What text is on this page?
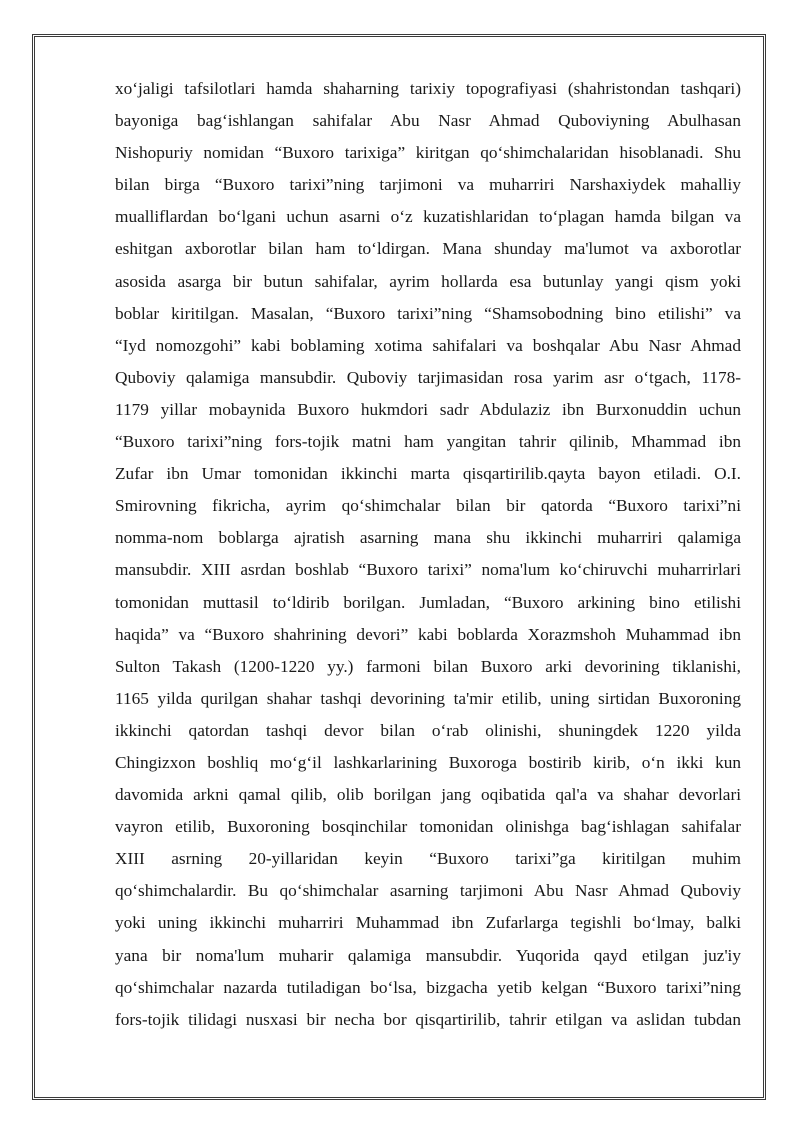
xo‘jaligi tafsilotlari hamda shaharning tarixiy topografiyasi (shahristondan tashqari)
bayoniga bag‘ishlangan sahifalar Abu Nasr Ahmad Quboviyning Abulhasan
Nishopuriy nomidan “Buxoro tarixiga” kiritgan qo‘shimchalaridan hisoblanadi. Shu
bilan birga “Buxoro tarixi”ning tarjimoni va muharriri Narshaxiydek mahalliy
mualliflardan bo‘lgani uchun asarni o‘z kuzatishlaridan to‘plagan hamda bilgan va
eshitgan axborotlar bilan ham to‘ldirgan. Mana shunday ma'lumot va axborotlar
asosida asarga bir butun sahifalar, ayrim hollarda esa butunlay yangi qism yoki
boblar kiritilgan. Masalan, “Buxoro tarixi”ning “Shamsobodning bino etilishi” va
“Iyd nomozgohi” kabi boblaming xotima sahifalari va boshqalar Abu Nasr Ahmad
Quboviy qalamiga mansubdir. Quboviy tarjimasidan rosa yarim asr o‘tgach, 1178-
1179 yillar mobaynida Buxoro hukmdori sadr Abdulaziz ibn Burxonuddin uchun
“Buxoro tarixi”ning fors-tojik matni ham yangitan tahrir qilinib, Mhammad ibn
Zufar ibn Umar tomonidan ikkinchi marta qisqartirilib.qayta bayon etiladi. O.I.
Smirovning fikricha, ayrim qo‘shimchalar bilan bir qatorda “Buxoro tarixi”ni
nomma-nom boblarga ajratish asarning mana shu ikkinchi muharriri qalamiga
mansubdir. XIII asrdan boshlab “Buxoro tarixi” noma'lum ko‘chiruvchi muharrirlari
tomonidan muttasil to‘ldirib borilgan. Jumladan, “Buxoro arkining bino etilishi
haqida” va “Buxoro shahrining devori” kabi boblarda Xorazmshoh Muhammad ibn
Sulton Takash (1200-1220 yy.) farmoni bilan Buxoro arki devorining tiklanishi,
1165 yilda qurilgan shahar tashqi devorining ta'mir etilib, uning sirtidan Buxoroning
ikkinchi qatordan tashqi devor bilan o‘rab olinishi, shuningdek 1220 yilda
Chingizxon boshliq mo‘g‘il lashkarlarining Buxoroga bostirib kirib, o‘n ikki kun
davomida arkni qamal qilib, olib borilgan jang oqibatida qal'a va shahar devorlari
vayron etilib, Buxoroning bosqinchilar tomonidan olinishga bag‘ishlagan sahifalar
XIII asrning 20-yillaridan keyin “Buxoro tarixi”ga kiritilgan muhim
qo‘shimchalardir. Bu qo‘shimchalar asarning tarjimoni Abu Nasr Ahmad Quboviy
yoki uning ikkinchi muharriri Muhammad ibn Zufarlarga tegishli bo‘lmay, balki
yana bir noma'lum muharir qalamiga mansubdir. Yuqorida qayd etilgan juz'iy
qo‘shimchalar nazarda tutiladigan bo‘lsa, bizgacha yetib kelgan “Buxoro tarixi”ning
fors-tojik tilidagi nusxasi bir necha bor qisqartirilib, tahrir etilgan va aslidan tubdan
